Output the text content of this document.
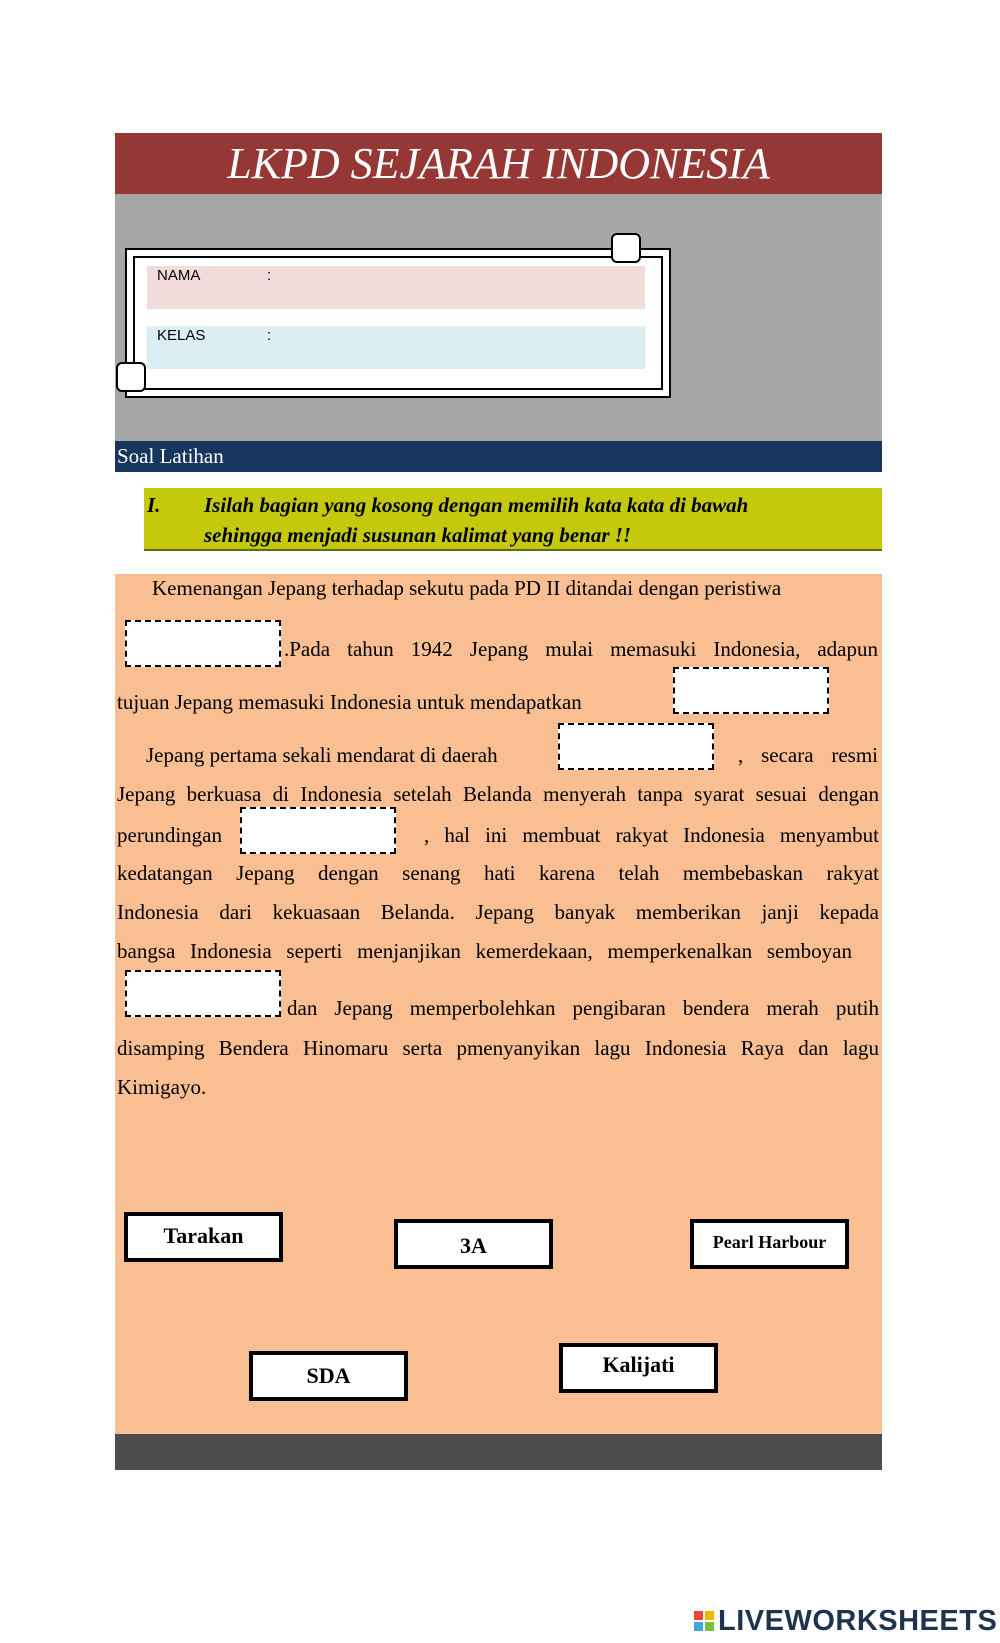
LKPD SEJARAH INDONESIA
NAMA	:
KELAS	:
Soal Latihan
I. Isilah bagian yang kosong dengan memilih kata kata di bawah
sehingga menjadi susunan kalimat yang benar !!
Kemenangan Jepang terhadap sekutu pada PD II ditandai dengan peristiwa
.Pada tahun 1942 Jepang mulai memasuki Indonesia, adapun
tujuan Jepang memasuki Indonesia untuk mendapatkan
Jepang pertama sekali mendarat di daerah	, secara resmi
Jepang berkuasa di Indonesia setelah Belanda menyerah tanpa syarat sesuai dengan
perundingan	, hal ini membuat rakyat Indonesia menyambut
kedatangan Jepang dengan senang hati karena telah membebaskan rakyat
Indonesia dari kekuasaan Belanda. Jepang banyak memberikan janji kepada
bangsa Indonesia seperti menjanjikan kemerdekaan, memperkenalkan semboyan
dan Jepang memperbolehkan pengibaran bendera merah putih
disamping Bendera Hinomaru serta pmenyanyikan lagu Indonesia Raya dan lagu
Kimigayo.
Tarakan	3A	Pearl Harbour
SDA	Kalijati
LIVEWORKSHEETS
